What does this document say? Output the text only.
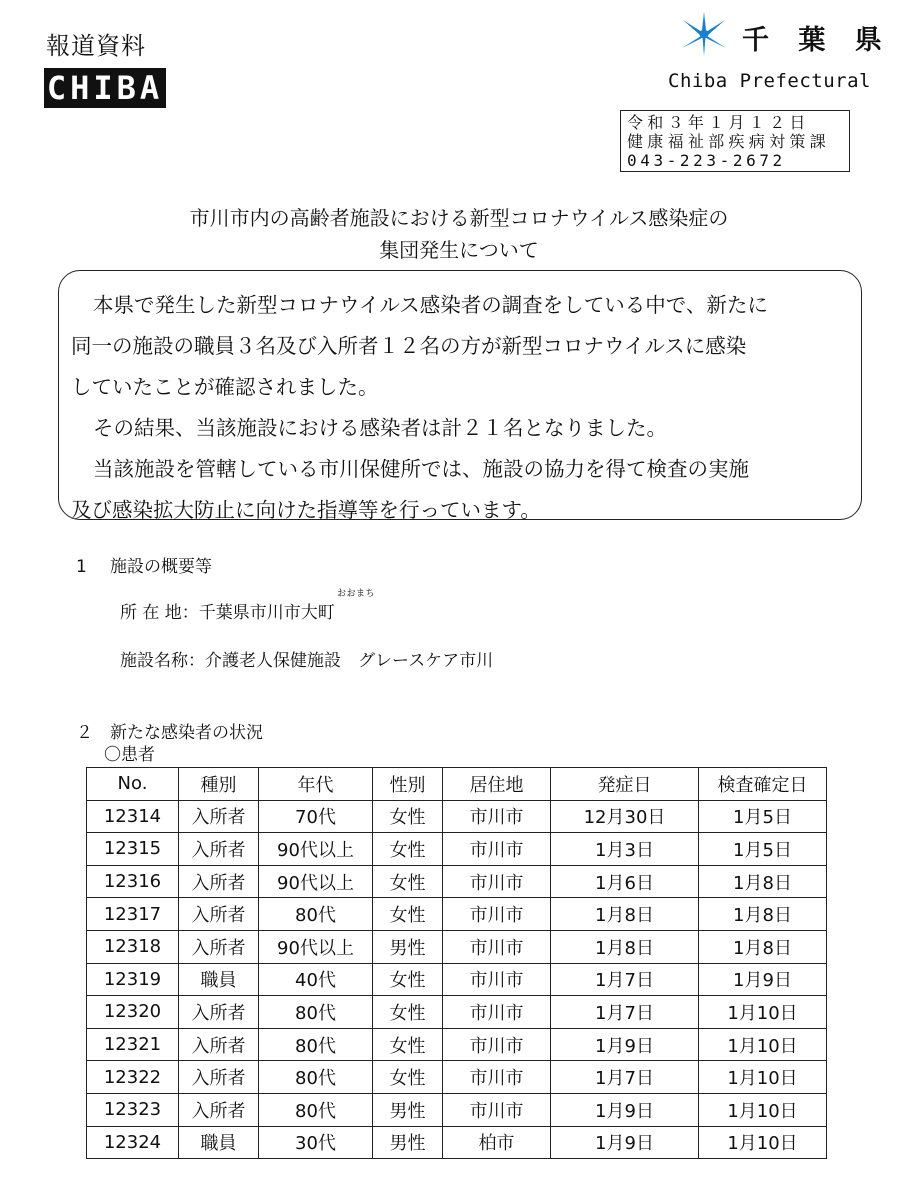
報道資料
CHIBA
千 葉 県
Chiba Prefectural
令和３年１月１２日
健康福祉部疾病対策課
043-223-2672
市川市内の高齢者施設における新型コロナウイルス感染症の
集団発生について

本県で発生した新型コロナウイルス感染者の調査をしている中で、新たに

同一の施設の職員３名及び入所者１２名の方が新型コロナウイルスに感染

していたことが確認されました。

その結果、当該施設における感染者は計２１名となりました。

当該施設を管轄している市川保健所では、施設の協力を得て検査の実施

及び感染拡大防止に向けた指導等を行っています。

1 施設の概要等
おおまち
所 在 地：千葉県市川市大町
施設名称：介護老人保健施設　グレースケア市川
２ 新たな感染者の状況
〇患者
No.	種別	年代	性別	居住地	発症日	検査確定日
12314	入所者	70代	女性	市川市	12月30日	1月5日
12315	入所者	90代以上	女性	市川市	1月3日	1月5日
12316	入所者	90代以上	女性	市川市	1月6日	1月8日
12317	入所者	80代	女性	市川市	1月8日	1月8日
12318	入所者	90代以上	男性	市川市	1月8日	1月8日
12319	職員	40代	女性	市川市	1月7日	1月9日
12320	入所者	80代	女性	市川市	1月7日	1月10日
12321	入所者	80代	女性	市川市	1月9日	1月10日
12322	入所者	80代	女性	市川市	1月7日	1月10日
12323	入所者	80代	男性	市川市	1月9日	1月10日
12324	職員	30代	男性	柏市	1月9日	1月10日
